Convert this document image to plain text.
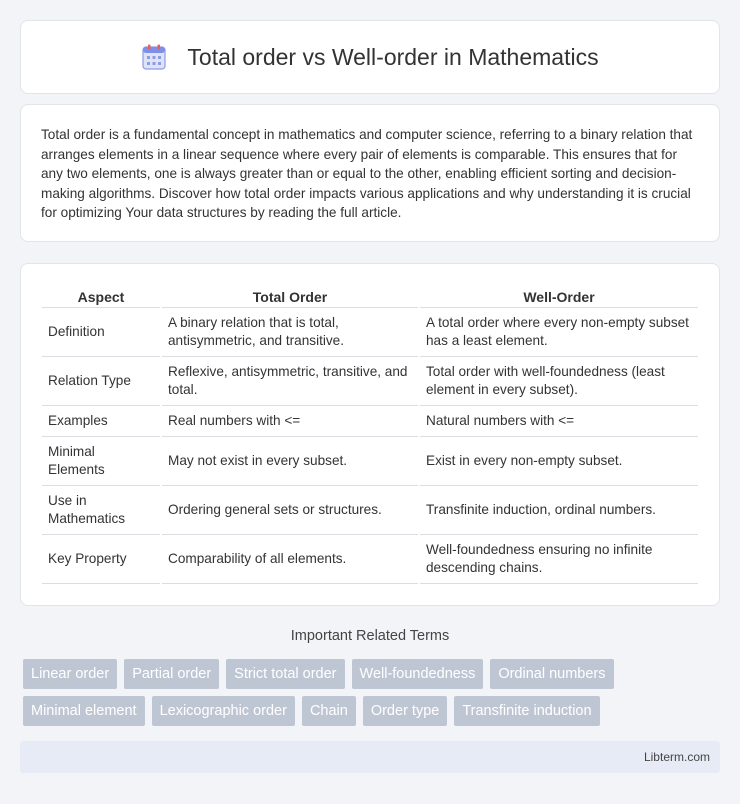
Total order vs Well-order in Mathematics

Total order is a fundamental concept in mathematics and computer science, referring to a binary relation that arranges elements in a linear sequence where every pair of elements is comparable. This ensures that for any two elements, one is always greater than or equal to the other, enabling efficient sorting and decision-making algorithms. Discover how total order impacts various applications and why understanding it is crucial for optimizing Your data structures by reading the full article.

Aspect	Total Order	Well-Order
Definition	A binary relation that is total, antisymmetric, and transitive.	A total order where every non-empty subset has a least element.
Relation Type	Reflexive, antisymmetric, transitive, and total.	Total order with well-foundedness (least element in every subset).
Examples	Real numbers with <=	Natural numbers with <=
Minimal Elements	May not exist in every subset.	Exist in every non-empty subset.
Use in Mathematics	Ordering general sets or structures.	Transfinite induction, ordinal numbers.
Key Property	Comparability of all elements.	Well-foundedness ensuring no infinite descending chains.
Important Related Terms
Linear order	Partial order	Strict total order	Well-foundedness	Ordinal numbers
Minimal element	Lexicographic order	Chain	Order type	Transfinite induction
Libterm.com
